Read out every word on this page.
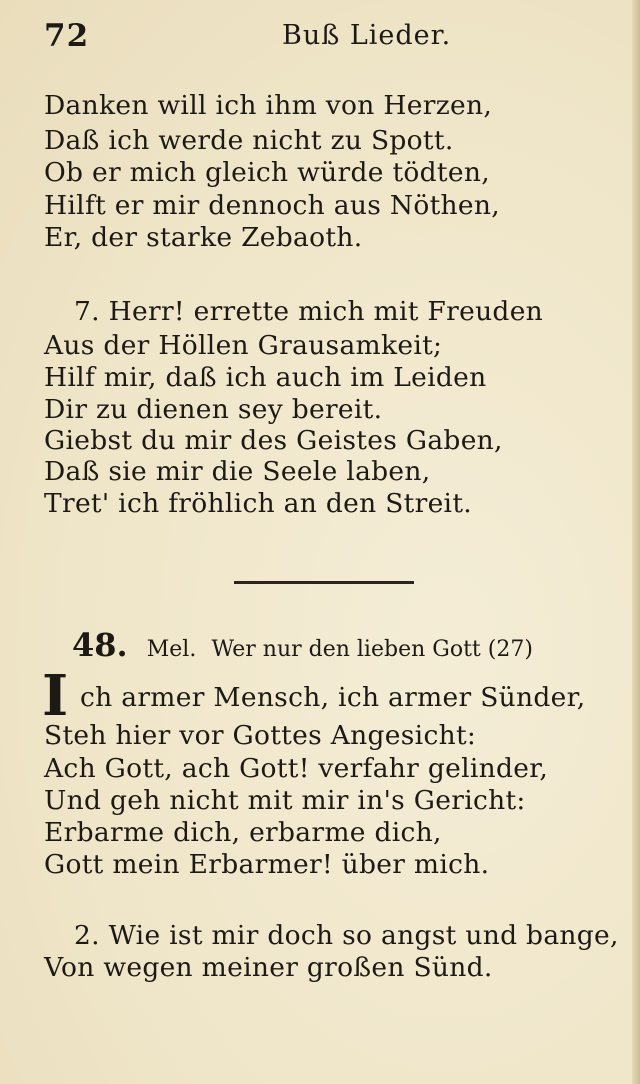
72	Buß Lieder.
Danken will ich ihm von Herzen,
Daß ich werde nicht zu Spott.
Ob er mich gleich würde tödten,
Hilft er mir dennoch aus Nöthen,
Er, der starke Zebaoth.
7. Herr! errette mich mit Freuden
Aus der Höllen Grausamkeit;
Hilf mir, daß ich auch im Leiden
Dir zu dienen sey bereit.
Giebst du mir des Geistes Gaben,
Daß sie mir die Seele laben,
Tret' ich fröhlich an den Streit.
48. Mel. Wer nur den lieben Gott (27)
I ch armer Mensch, ich armer Sünder,
Steh hier vor Gottes Angesicht:
Ach Gott, ach Gott! verfahr gelinder,
Und geh nicht mit mir in's Gericht:
Erbarme dich, erbarme dich,
Gott mein Erbarmer! über mich.
2. Wie ist mir doch so angst und bange,
Von wegen meiner großen Sünd.
